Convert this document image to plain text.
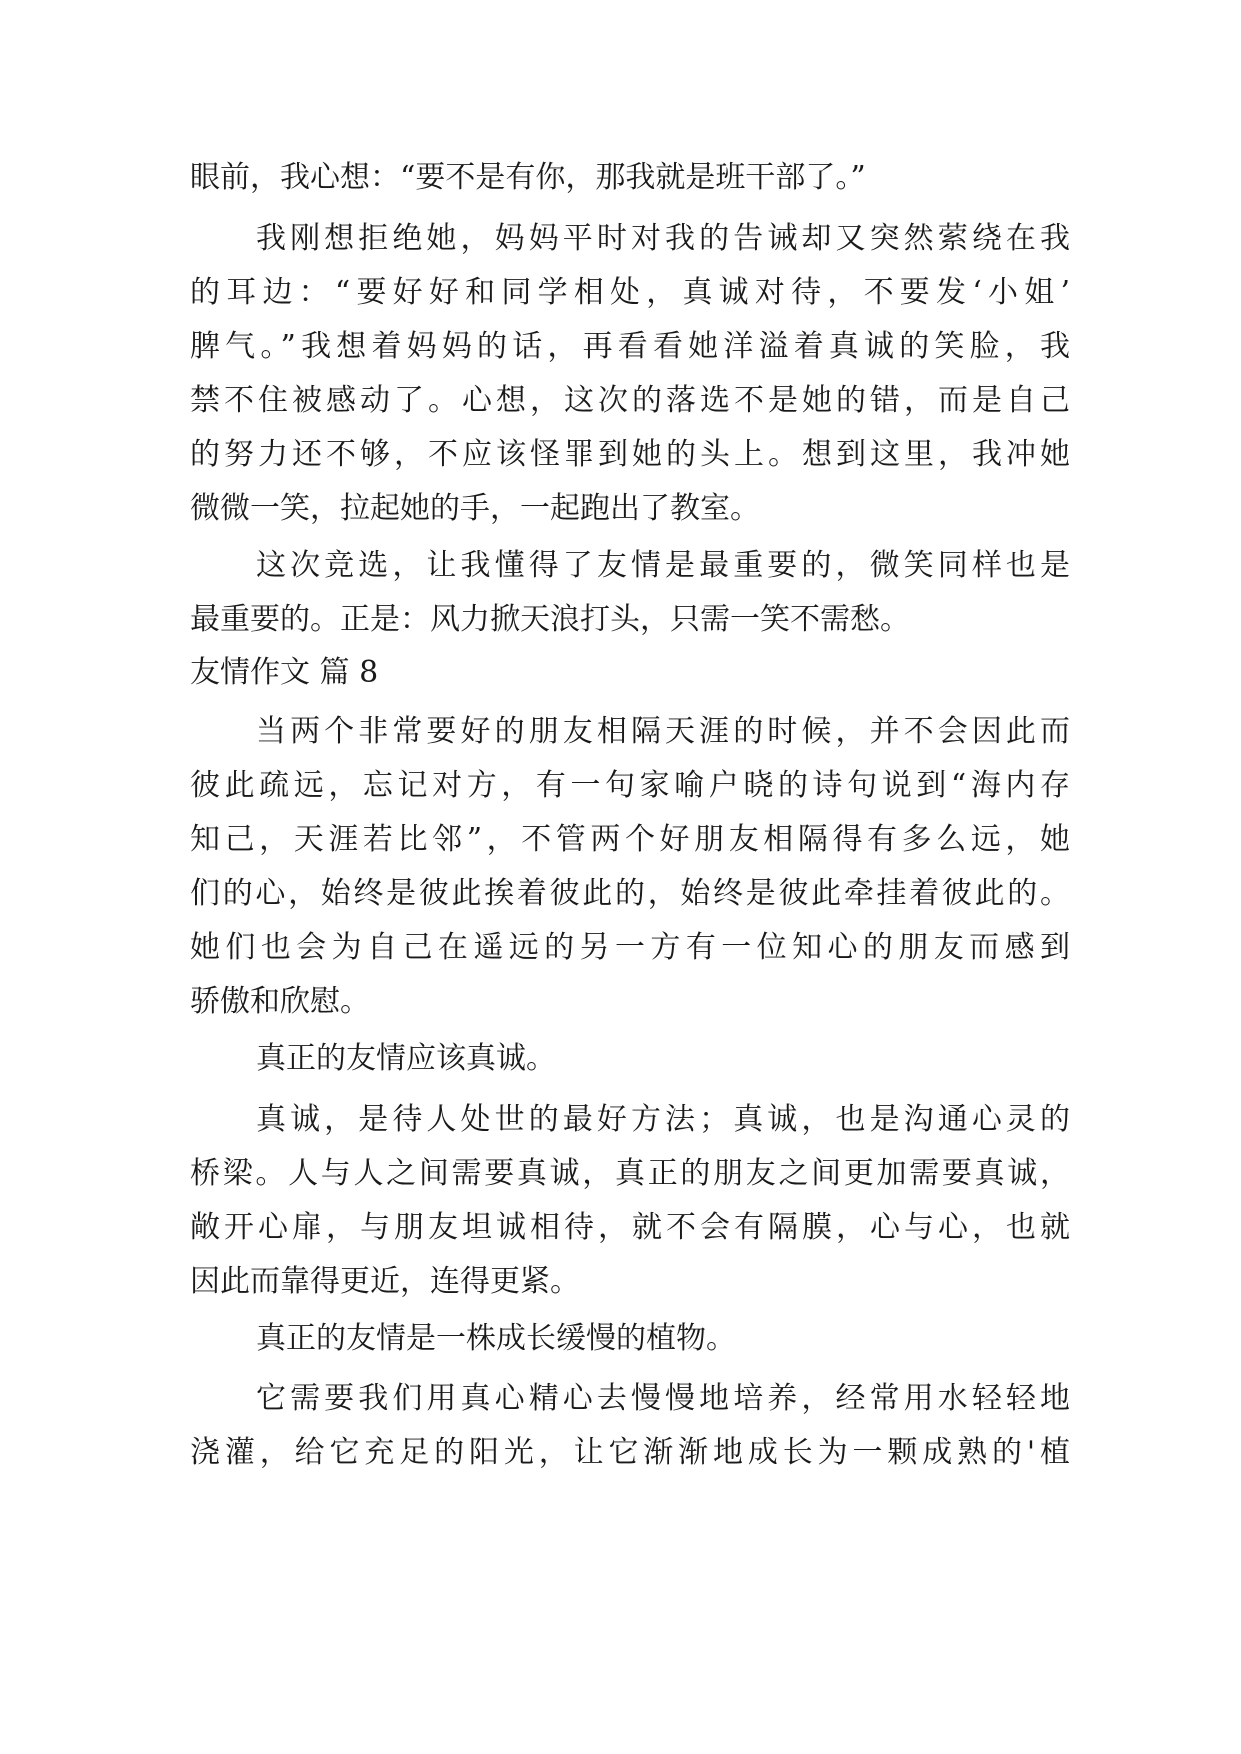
眼前，我心想：“要不是有你，那我就是班干部了。”
我刚想拒绝她，妈妈平时对我的告诫却又突然萦绕在我
的耳边：“要好好和同学相处，真诚对待，不要发‘小姐’
脾气。”我想着妈妈的话，再看看她洋溢着真诚的笑脸，我
禁不住被感动了。心想，这次的落选不是她的错，而是自己
的努力还不够，不应该怪罪到她的头上。想到这里，我冲她
微微一笑，拉起她的手，一起跑出了教室。
这次竞选，让我懂得了友情是最重要的，微笑同样也是
最重要的。正是：风力掀天浪打头，只需一笑不需愁。
友情作文 篇 8
当两个非常要好的朋友相隔天涯的时候，并不会因此而
彼此疏远，忘记对方，有一句家喻户晓的诗句说到“海内存
知己，天涯若比邻”，不管两个好朋友相隔得有多么远，她
们的心，始终是彼此挨着彼此的，始终是彼此牵挂着彼此的。
她们也会为自己在遥远的另一方有一位知心的朋友而感到
骄傲和欣慰。
真正的友情应该真诚。
真诚，是待人处世的最好方法；真诚，也是沟通心灵的
桥梁。人与人之间需要真诚，真正的朋友之间更加需要真诚，
敞开心扉，与朋友坦诚相待，就不会有隔膜，心与心，也就
因此而靠得更近，连得更紧。
真正的友情是一株成长缓慢的植物。
它需要我们用真心精心去慢慢地培养，经常用水轻轻地
浇灌，给它充足的阳光，让它渐渐地成长为一颗成熟的'植
